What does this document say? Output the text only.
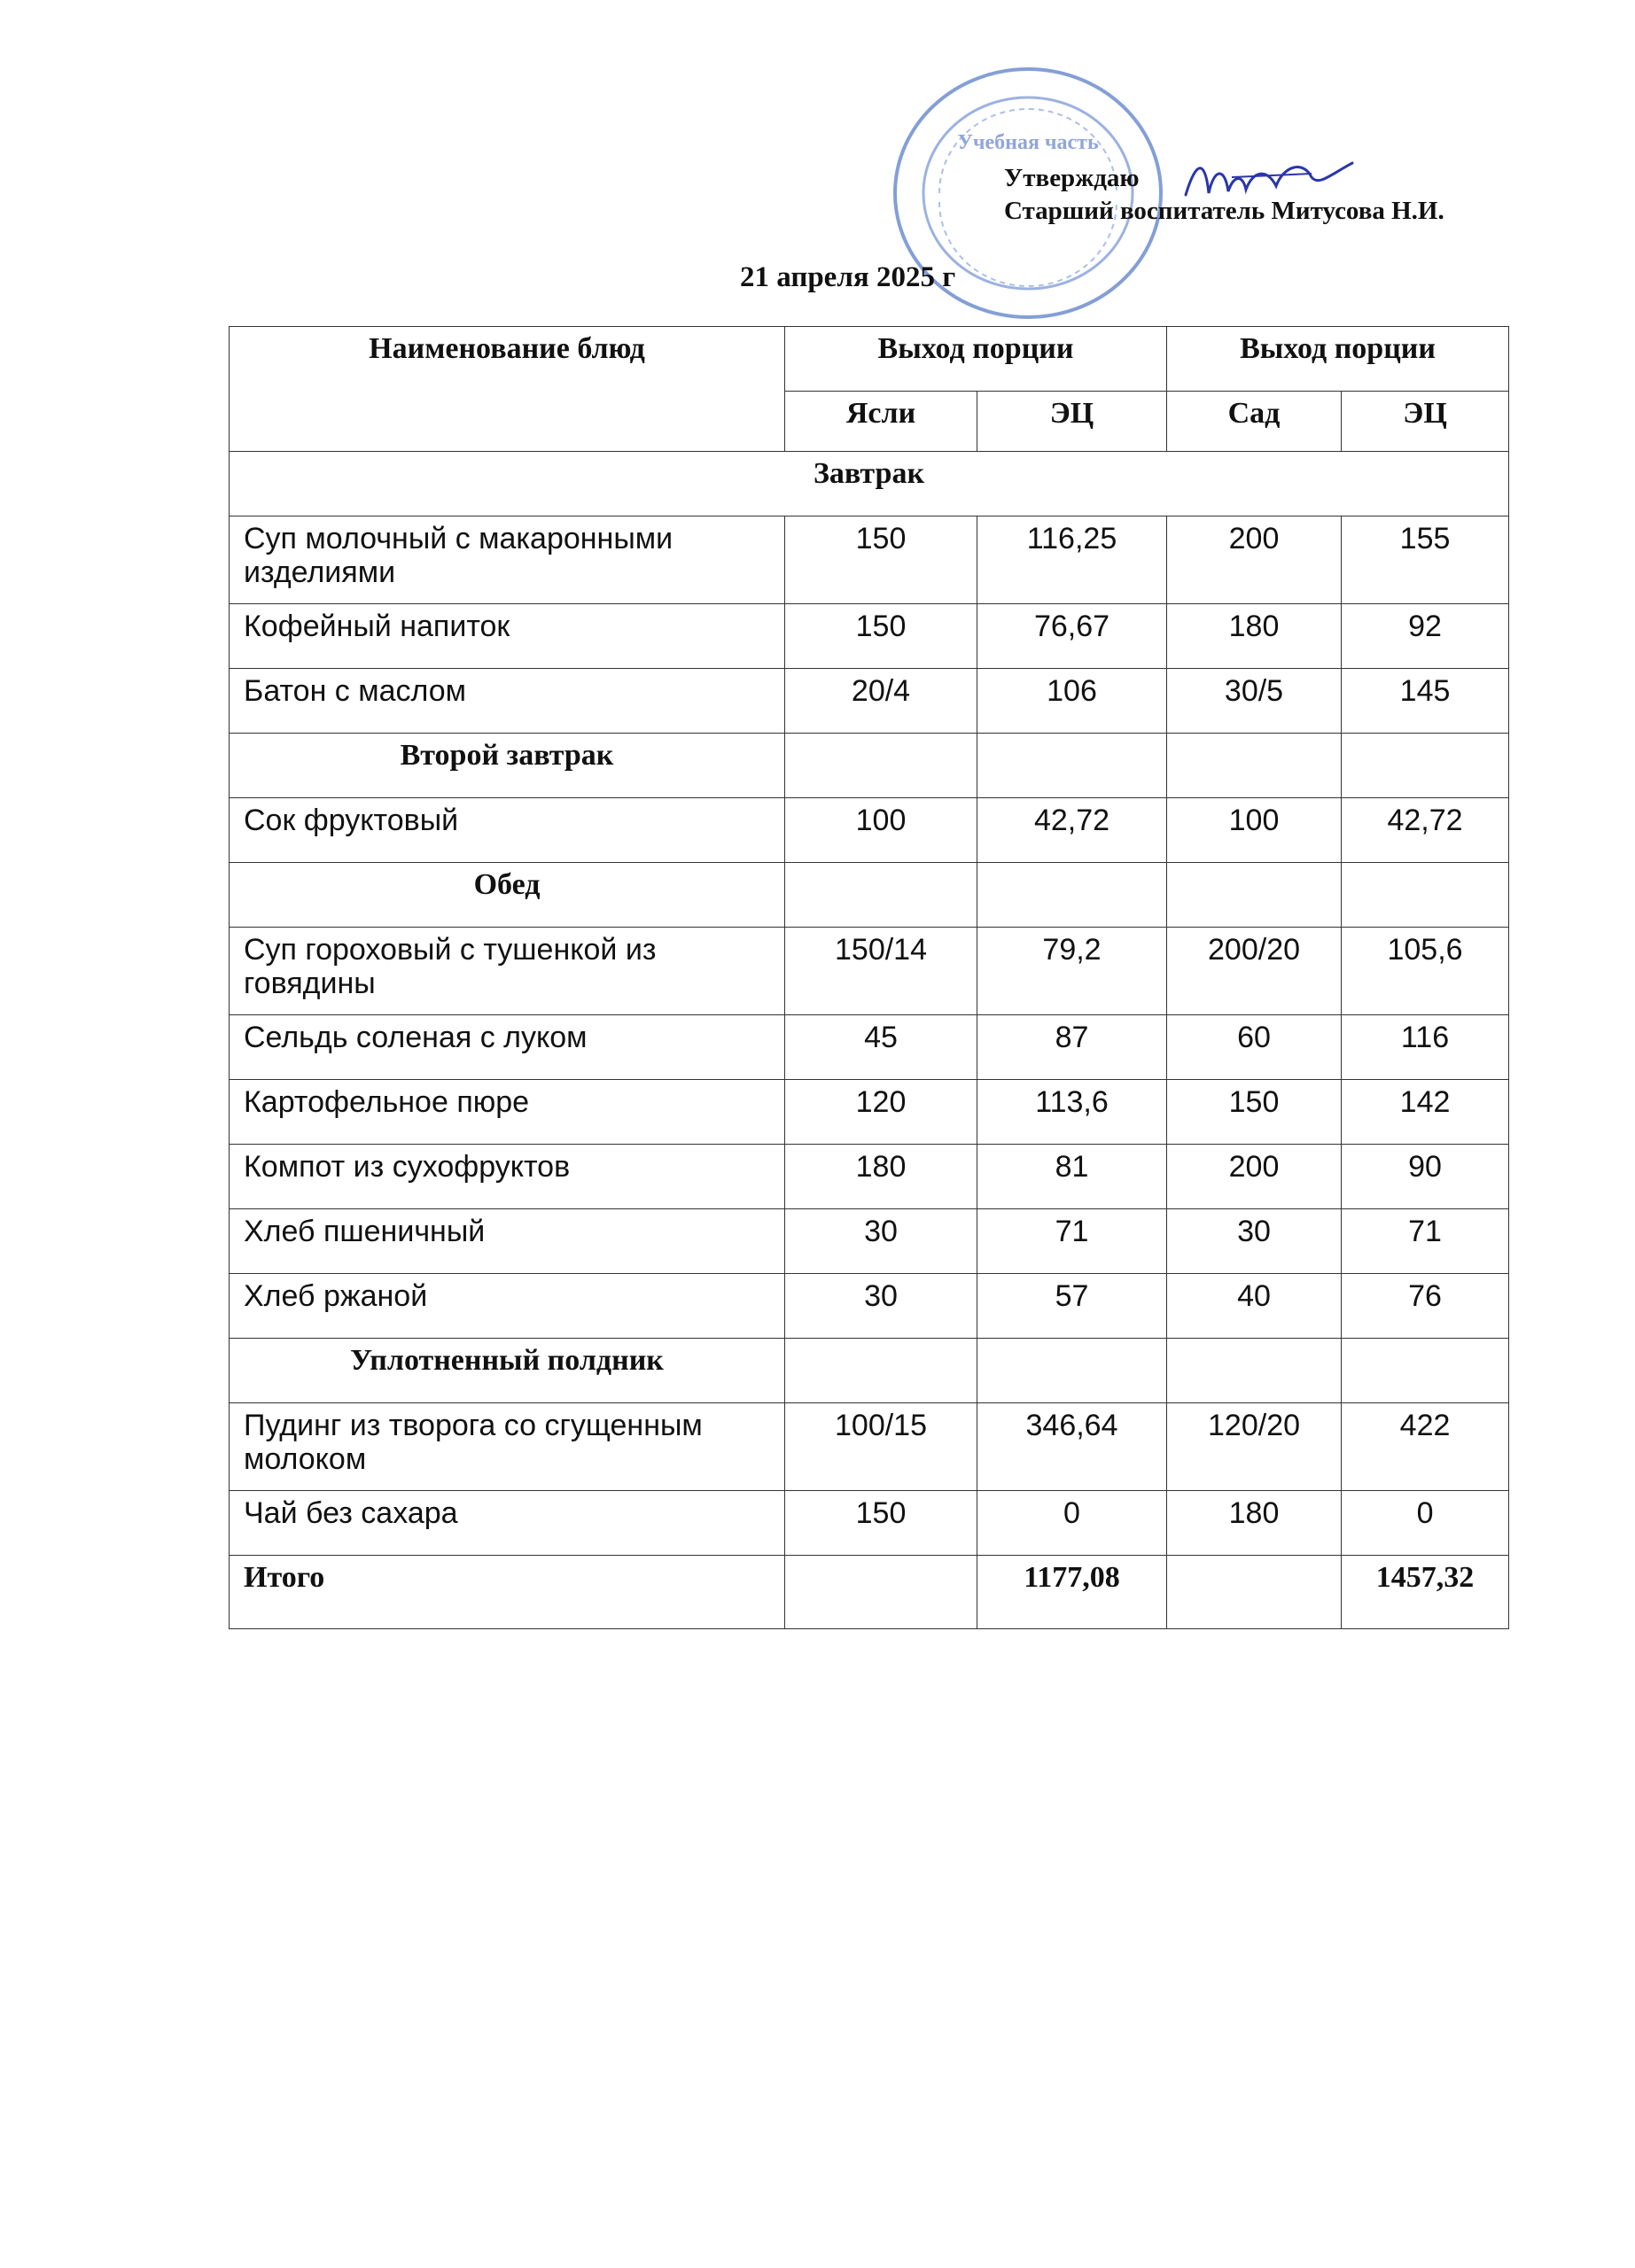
Учебная часть
Утверждаю
Старший воспитатель Митусова Н.И.
21 апреля 2025 г
Наименование блюд	Выход порции		Выход порции	
	Ясли	ЭЦ	Сад	ЭЦ
Завтрак				
Суп молочный с макаронными изделиями	150	116,25	200	155
Кофейный напиток	150	76,67	180	92
Батон с маслом	20/4	106	30/5	145
Второй завтрак				
Сок фруктовый	100	42,72	100	42,72
Обед				
Суп гороховый с тушенкой из говядины	150/14	79,2	200/20	105,6
Сельдь соленая с луком	45	87	60	116
Картофельное пюре	120	113,6	150	142
Компот из сухофруктов	180	81	200	90
Хлеб пшеничный	30	71	30	71
Хлеб ржаной	30	57	40	76
Уплотненный полдник				
Пудинг из творога со сгущенным молоком	100/15	346,64	120/20	422
Чай без сахара	150	0	180	0
Итого		1177,08		1457,32
